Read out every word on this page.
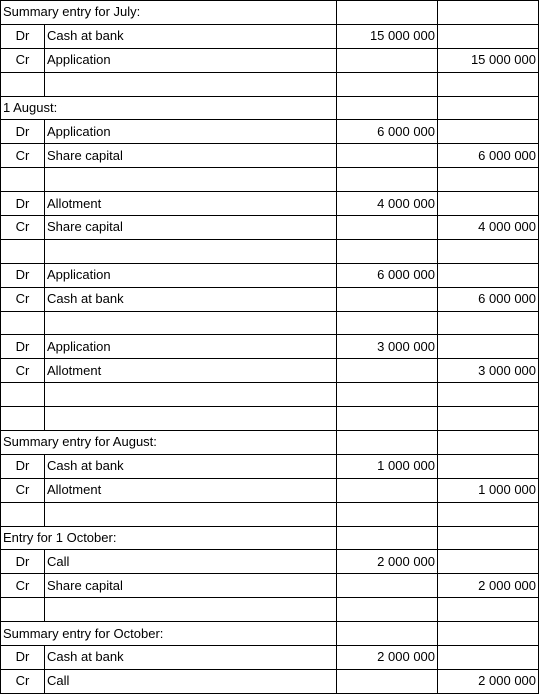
Summary entry for July:			
Dr	Cash at bank	15 000 000	
Cr	Application		15 000 000

1 August:			
Dr	Application	6 000 000	
Cr	Share capital		6 000 000

Dr	Allotment	4 000 000	
Cr	Share capital		4 000 000

Dr	Application	6 000 000	
Cr	Cash at bank		6 000 000

Dr	Application	3 000 000	
Cr	Allotment		3 000 000

Summary entry for August:			
Dr	Cash at bank	1 000 000	
Cr	Allotment		1 000 000

Entry for 1 October:			
Dr	Call	2 000 000	
Cr	Share capital		2 000 000

Summary entry for October:			
Dr	Cash at bank	2 000 000	
Cr	Call		2 000 000
